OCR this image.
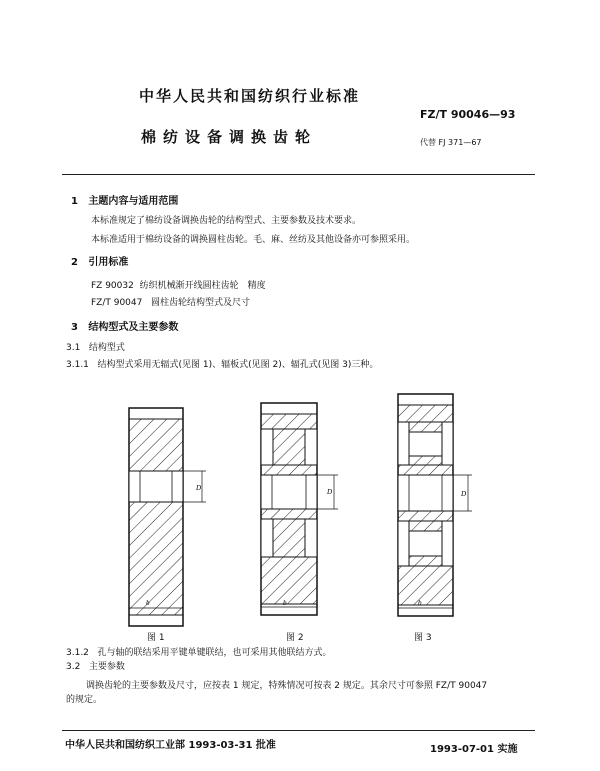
中华人民共和国纺织行业标准
FZ/T 90046—93
棉纺设备调换齿轮	代替 FJ 371—67
1 主题内容与适用范围
本标准规定了棉纺设备调换齿轮的结构型式、主要参数及技术要求。
本标准适用于棉纺设备的调换圆柱齿轮。毛、麻、丝纺及其他设备亦可参照采用。
2 引用标准
FZ 90032 纺织机械渐开线圆柱齿轮　精度
FZ/T 90047 圆柱齿轮结构型式及尺寸
3 结构型式及主要参数
3.1 结构型式
3.1.1 结构型式采用无辐式(见图 1)、辐板式(见图 2)、辐孔式(见图 3)三种。
D
b
D
b
D
b
图 1	图 2	图 3
3.1.2 孔与轴的联结采用平键单键联结，也可采用其他联结方式。
3.2 主要参数
调换齿轮的主要参数及尺寸，应按表 1 规定，特殊情况可按表 2 规定。其余尺寸可参照 FZ/T 90047
的规定。
中华人民共和国纺织工业部 1993-03-31 批准	1993-07-01 实施
